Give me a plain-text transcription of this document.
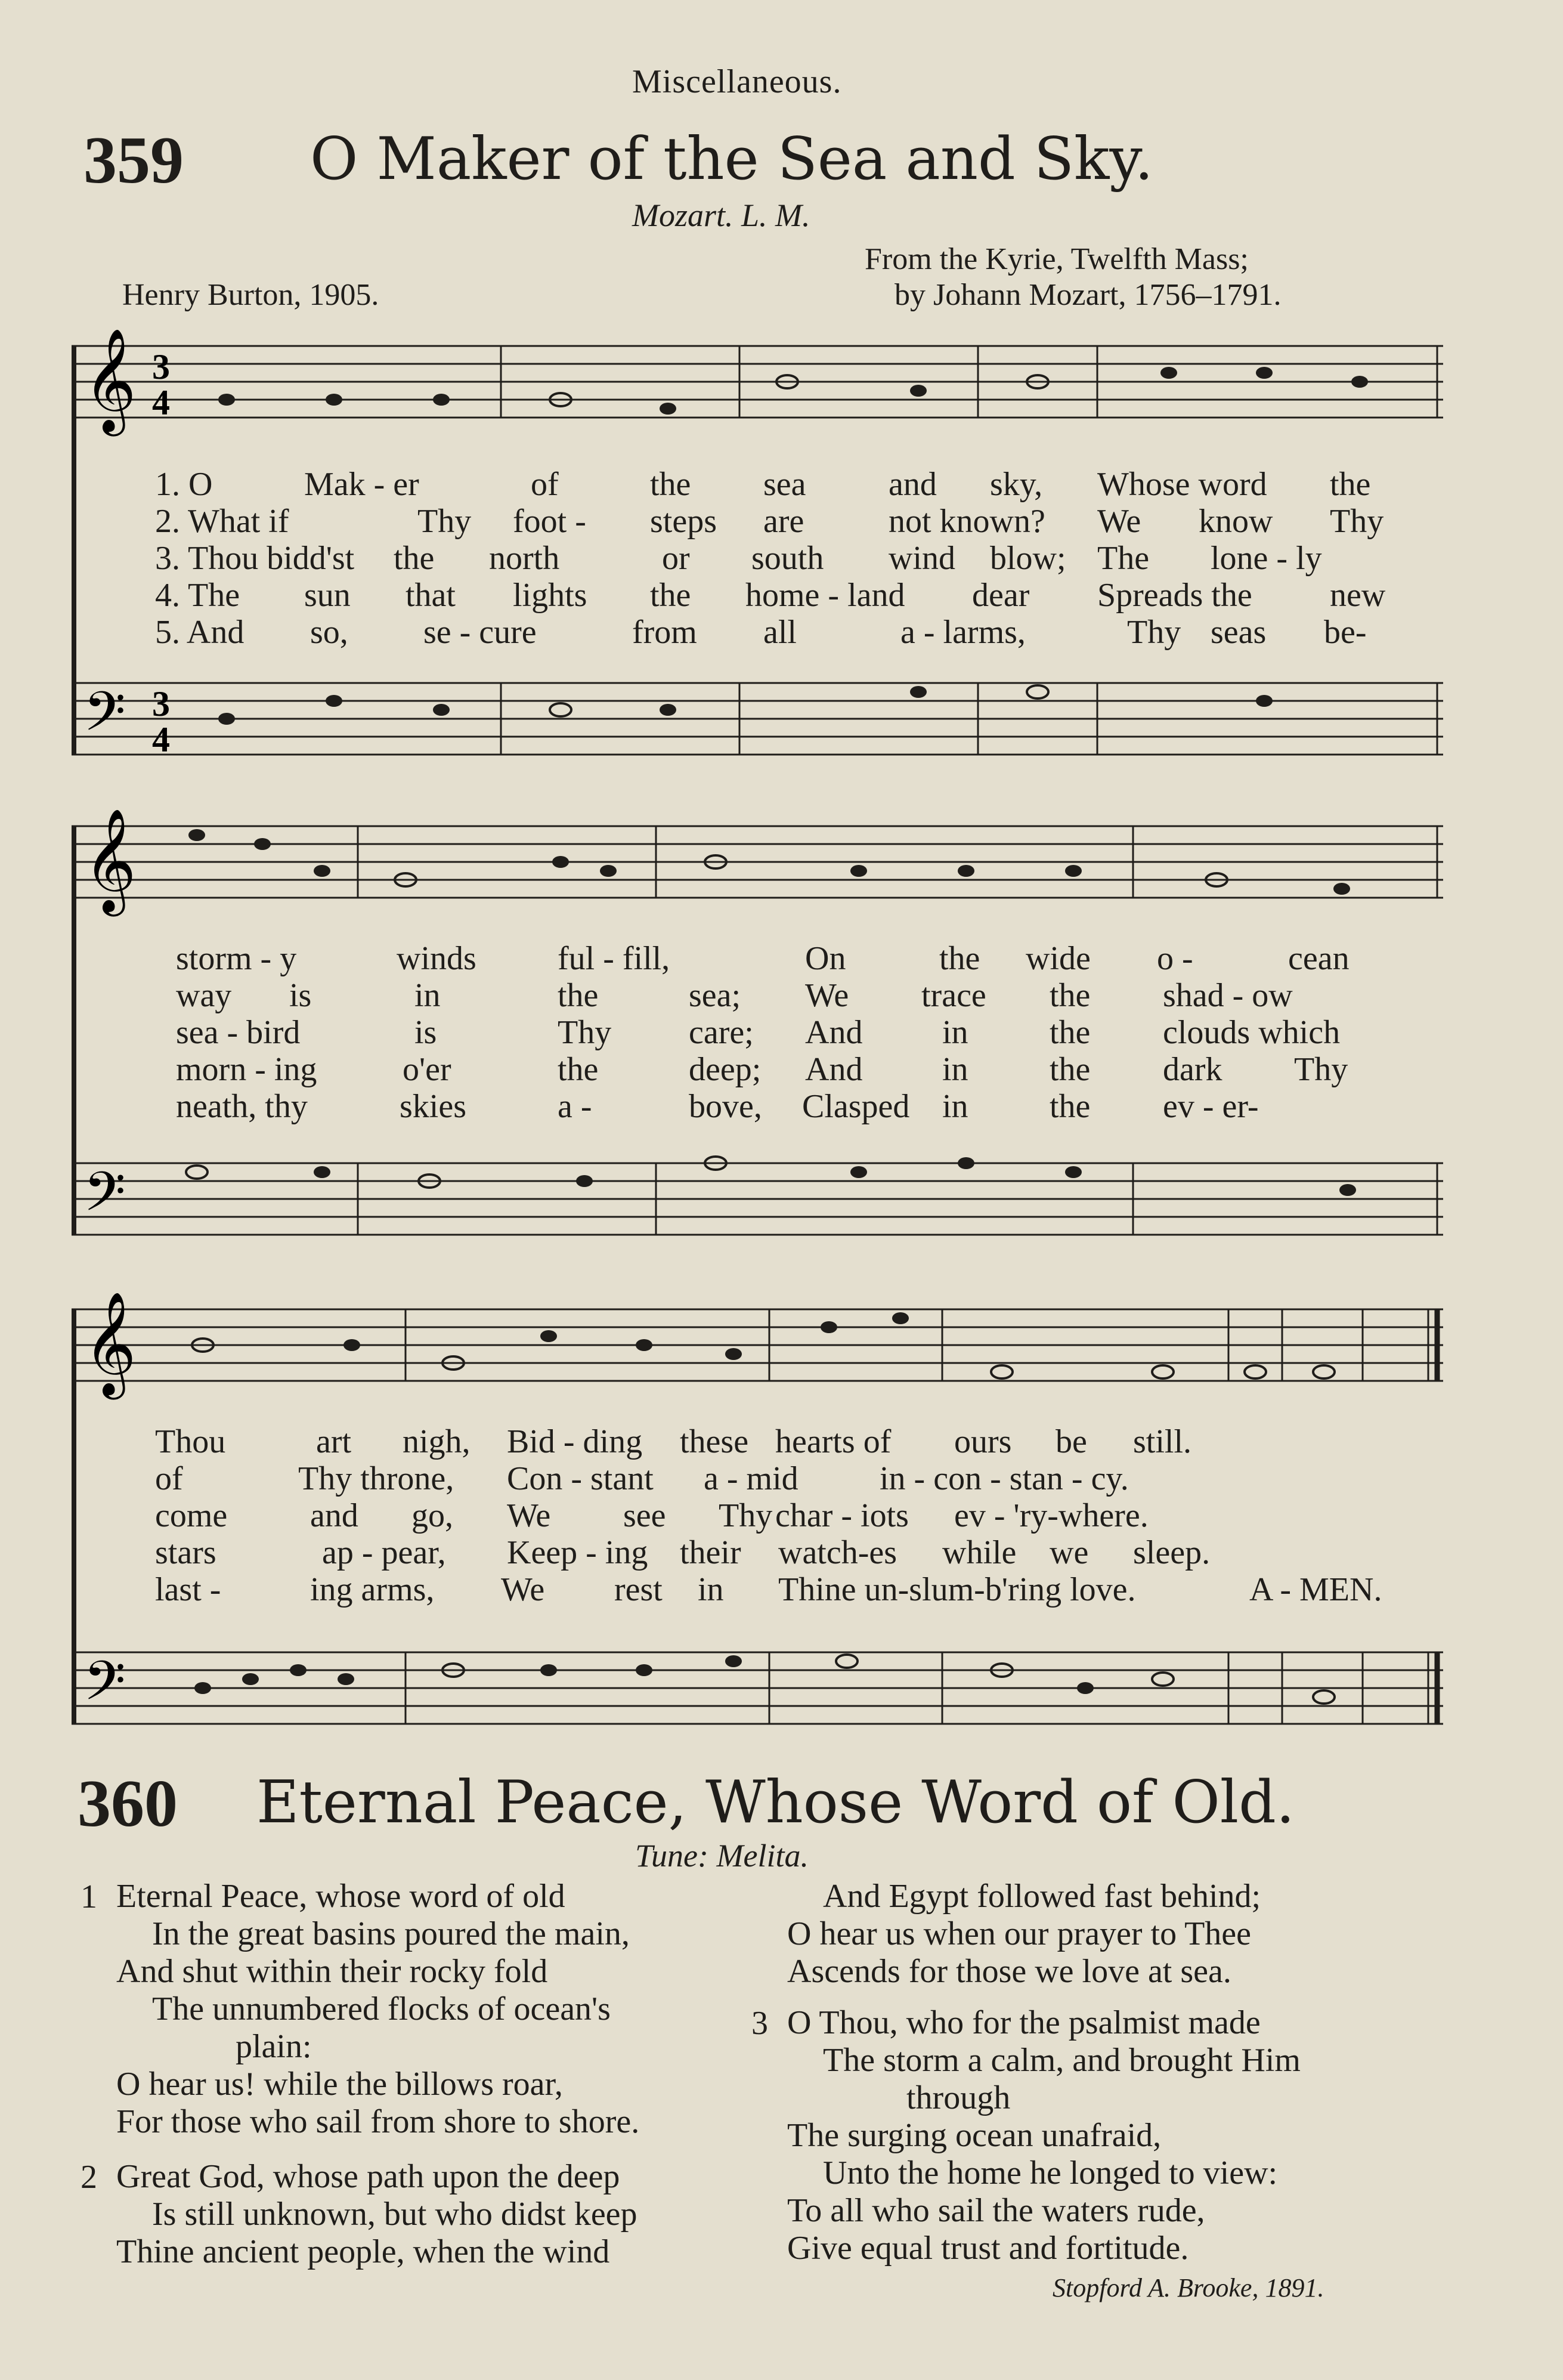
Miscellaneous.
359 O Maker of the Sea and Sky.
Mozart. L. M.
From the Kyrie, Twelfth Mass;
by Johann Mozart, 1756–1791.
Henry Burton, 1905.
𝄞
𝄢
3
4
3
4
1. O	Mak - er	of	the sea and sky, Whose word the
2. What if	Thy foot - steps are	not known? We know Thy
3. Thou bidd'st the north	or south wind blow; The lone - ly
4. The sun that lights the home - land dear Spreads the new
5. And so, se - cure	from all	a - larms,	Thy seas be-
𝄞
𝄢
storm - y	winds ful - fill,	On	the wide o -	cean
way is	in	the	sea; We trace the shad - ow
sea - bird	is	Thy care; And in the clouds which
morn - ing	o'er	the	deep; And in the dark Thy
neath, thy	skies	a -	bove, Clasped in the ev - er-
𝄞
𝄢
Thou	art nigh, Bid - ding these hearts of ours be still.
of	Thy throne, Con - stant a - mid in - con - stan - cy.
come and go, We see Thy char - iots ev - 'ry-where.
stars	ap - pear, Keep - ing their watch-es while we sleep.
last -	ing arms, We rest in Thine un-slum-b'ring love.	A - MEN.
360 Eternal Peace, Whose Word of Old.
Tune: Melita.
1 Eternal Peace, whose word of old
In the great basins poured the main,
And shut within their rocky fold
The unnumbered flocks of ocean's
plain:
O hear us! while the billows roar,
For those who sail from shore to shore.
2 Great God, whose path upon the deep
Is still unknown, but who didst keep
Thine ancient people, when the wind
And Egypt followed fast behind;
O hear us when our prayer to Thee
Ascends for those we love at sea.
3 O Thou, who for the psalmist made
The storm a calm, and brought Him
through
The surging ocean unafraid,
Unto the home he longed to view:
To all who sail the waters rude,
Give equal trust and fortitude.
Stopford A. Brooke, 1891.
